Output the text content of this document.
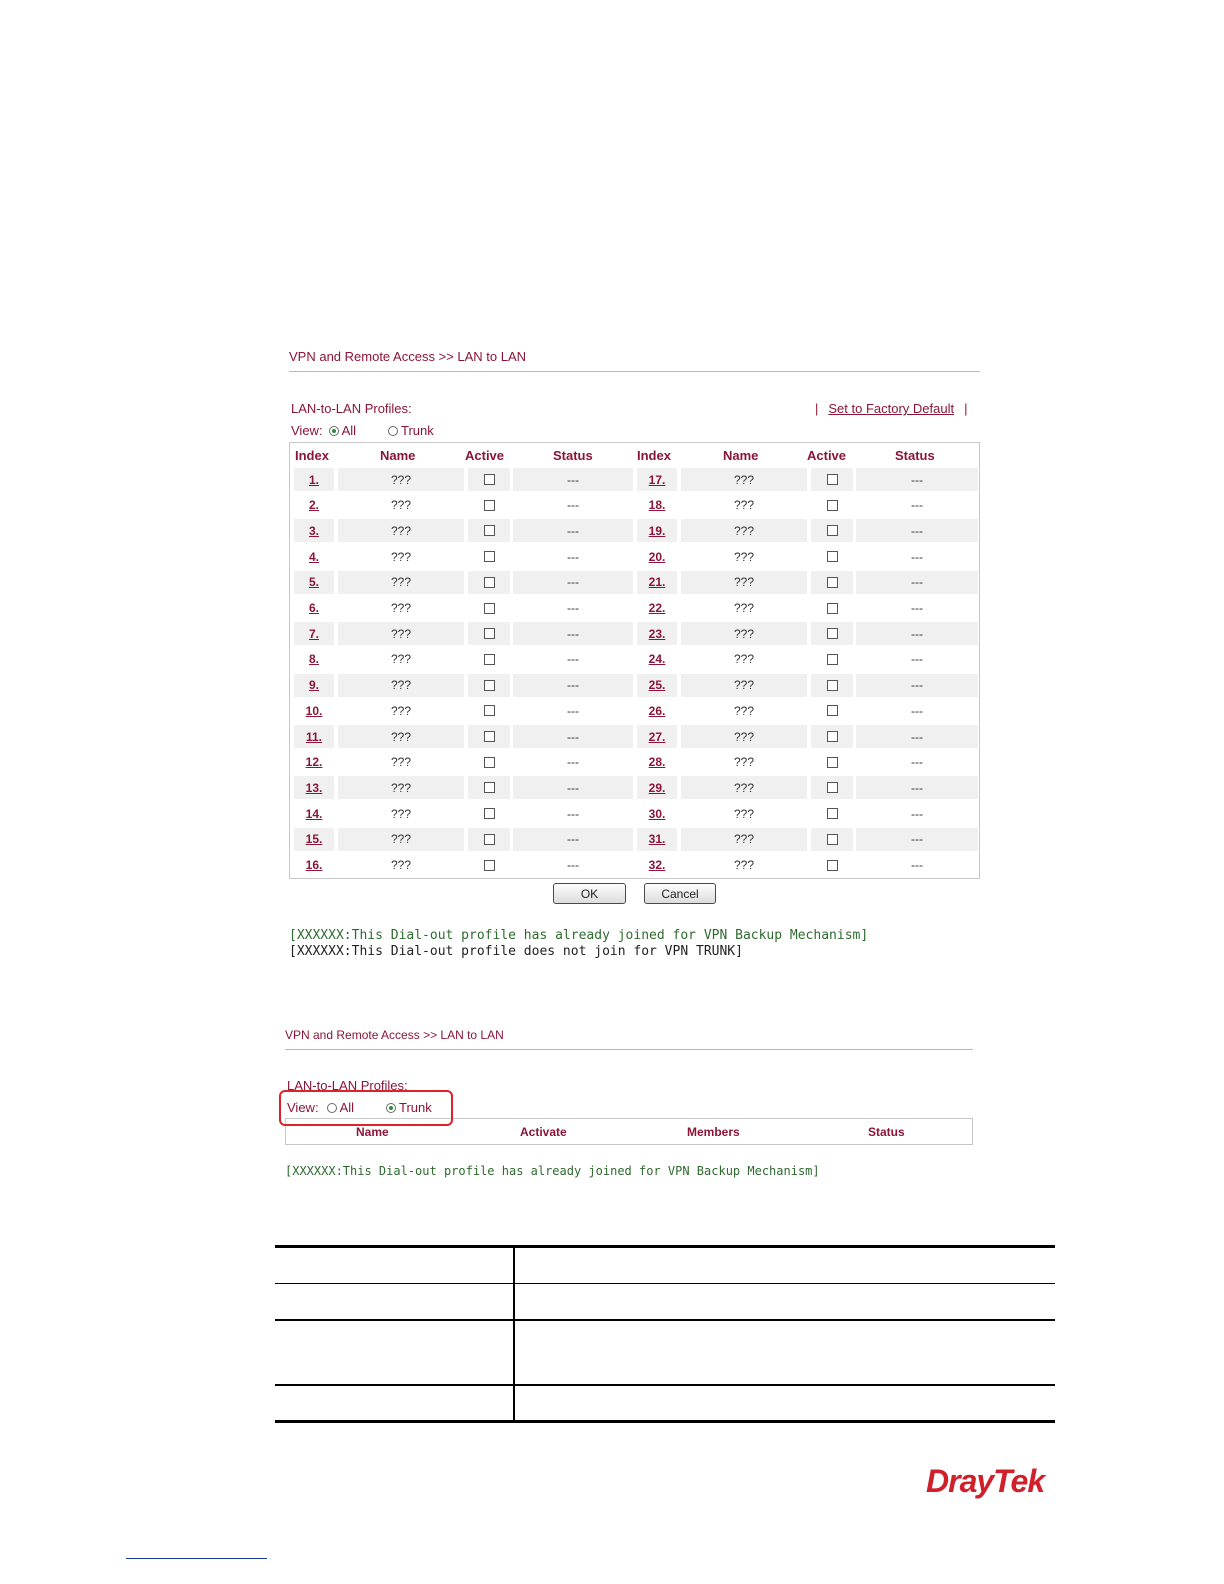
VPN and Remote Access >> LAN to LAN
LAN-to-LAN Profiles:	| Set to Factory Default |
View: All	Trunk
Index	Name	Active	Status	Index	Name	Active	Status
1.	???	---	17.	???	---
2.	???	---	18.	???	---
3.	???	---	19.	???	---
4.	???	---	20.	???	---
5.	???	---	21.	???	---
6.	???	---	22.	???	---
7.	???	---	23.	???	---
8.	???	---	24.	???	---
9.	???	---	25.	???	---
10.	???	---	26.	???	---
11.	???	---	27.	???	---
12.	???	---	28.	???	---
13.	???	---	29.	???	---
14.	???	---	30.	???	---
15.	???	---	31.	???	---
16.	???	---	32.	???	---
OK	Cancel
[XXXXXX:This Dial-out profile has already joined for VPN Backup Mechanism]
[XXXXXX:This Dial-out profile does not join for VPN TRUNK]
VPN and Remote Access >> LAN to LAN
LAN-to-LAN Profiles:
View: All	Trunk
Name	Activate	Members	Status
[XXXXXX:This Dial-out profile has already joined for VPN Backup Mechanism]
DrayTek
